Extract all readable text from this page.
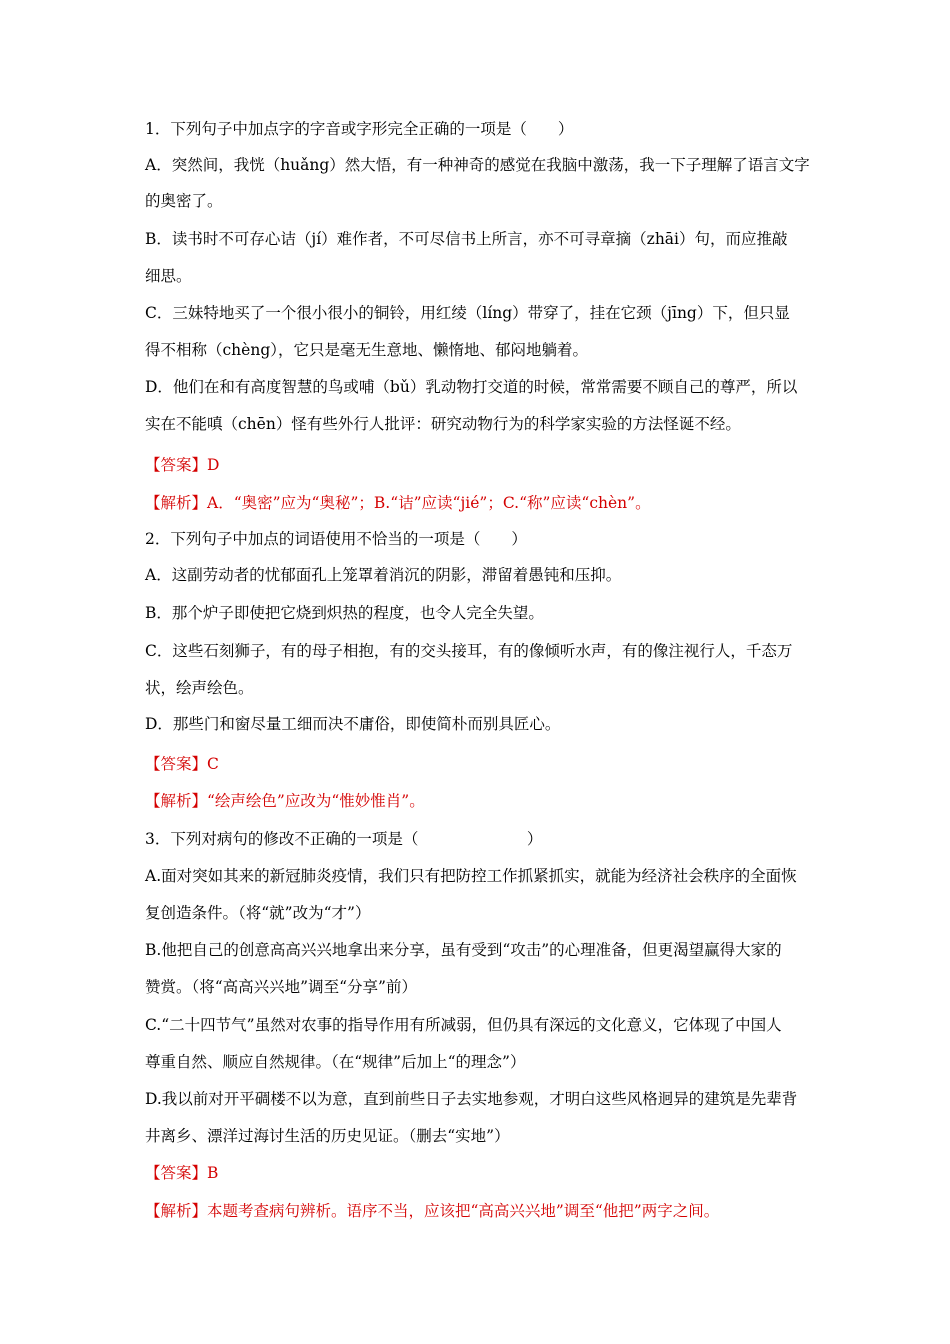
1．下列句子中加点字的字音或字形完全正确的一项是（　　）
A．突然间，我恍（huǎng）然大悟，有一种神奇的感觉在我脑中激荡，我一下子理解了语言文字
的奥密了。
B．读书时不可存心诘（jí）难作者，不可尽信书上所言，亦不可寻章摘（zhāi）句，而应推敲
细思。
C．三妹特地买了一个很小很小的铜铃，用红绫（líng）带穿了，挂在它颈（jīng）下，但只显
得不相称（chèng），它只是毫无生意地、懒惰地、郁闷地躺着。
D．他们在和有高度智慧的鸟或哺（bǔ）乳动物打交道的时候，常常需要不顾自己的尊严，所以
实在不能嗔（chēn）怪有些外行人批评：研究动物行为的科学家实验的方法怪诞不经。
【答案】D
【解析】A．“奥密”应为“奥秘”；B.“诘”应读“jié”；C.“称”应读“chèn”。
2．下列句子中加点的词语使用不恰当的一项是（　　）
A．这副劳动者的忧郁面孔上笼罩着消沉的阴影，滞留着愚钝和压抑。
B．那个炉子即使把它烧到炽热的程度，也令人完全失望。
C．这些石刻狮子，有的母子相抱，有的交头接耳，有的像倾听水声，有的像注视行人，千态万
状，绘声绘色。
D．那些门和窗尽量工细而决不庸俗，即使简朴而别具匠心。
【答案】C
【解析】“绘声绘色”应改为“惟妙惟肖”。
3．下列对病句的修改不正确的一项是（　　　　　　　）
A.面对突如其来的新冠肺炎疫情，我们只有把防控工作抓紧抓实，就能为经济社会秩序的全面恢
复创造条件。（将“就”改为“才”）
B.他把自己的创意高高兴兴地拿出来分享，虽有受到“攻击”的心理准备，但更渴望赢得大家的
赞赏。（将“高高兴兴地”调至“分享”前）
C.“二十四节气”虽然对农事的指导作用有所减弱，但仍具有深远的文化意义，它体现了中国人
尊重自然、顺应自然规律。（在“规律”后加上“的理念”）
D.我以前对开平碉楼不以为意，直到前些日子去实地参观，才明白这些风格迥异的建筑是先辈背
井离乡、漂洋过海讨生活的历史见证。（删去“实地”）
【答案】B
【解析】本题考查病句辨析。语序不当，应该把“高高兴兴地”调至“他把”两字之间。
